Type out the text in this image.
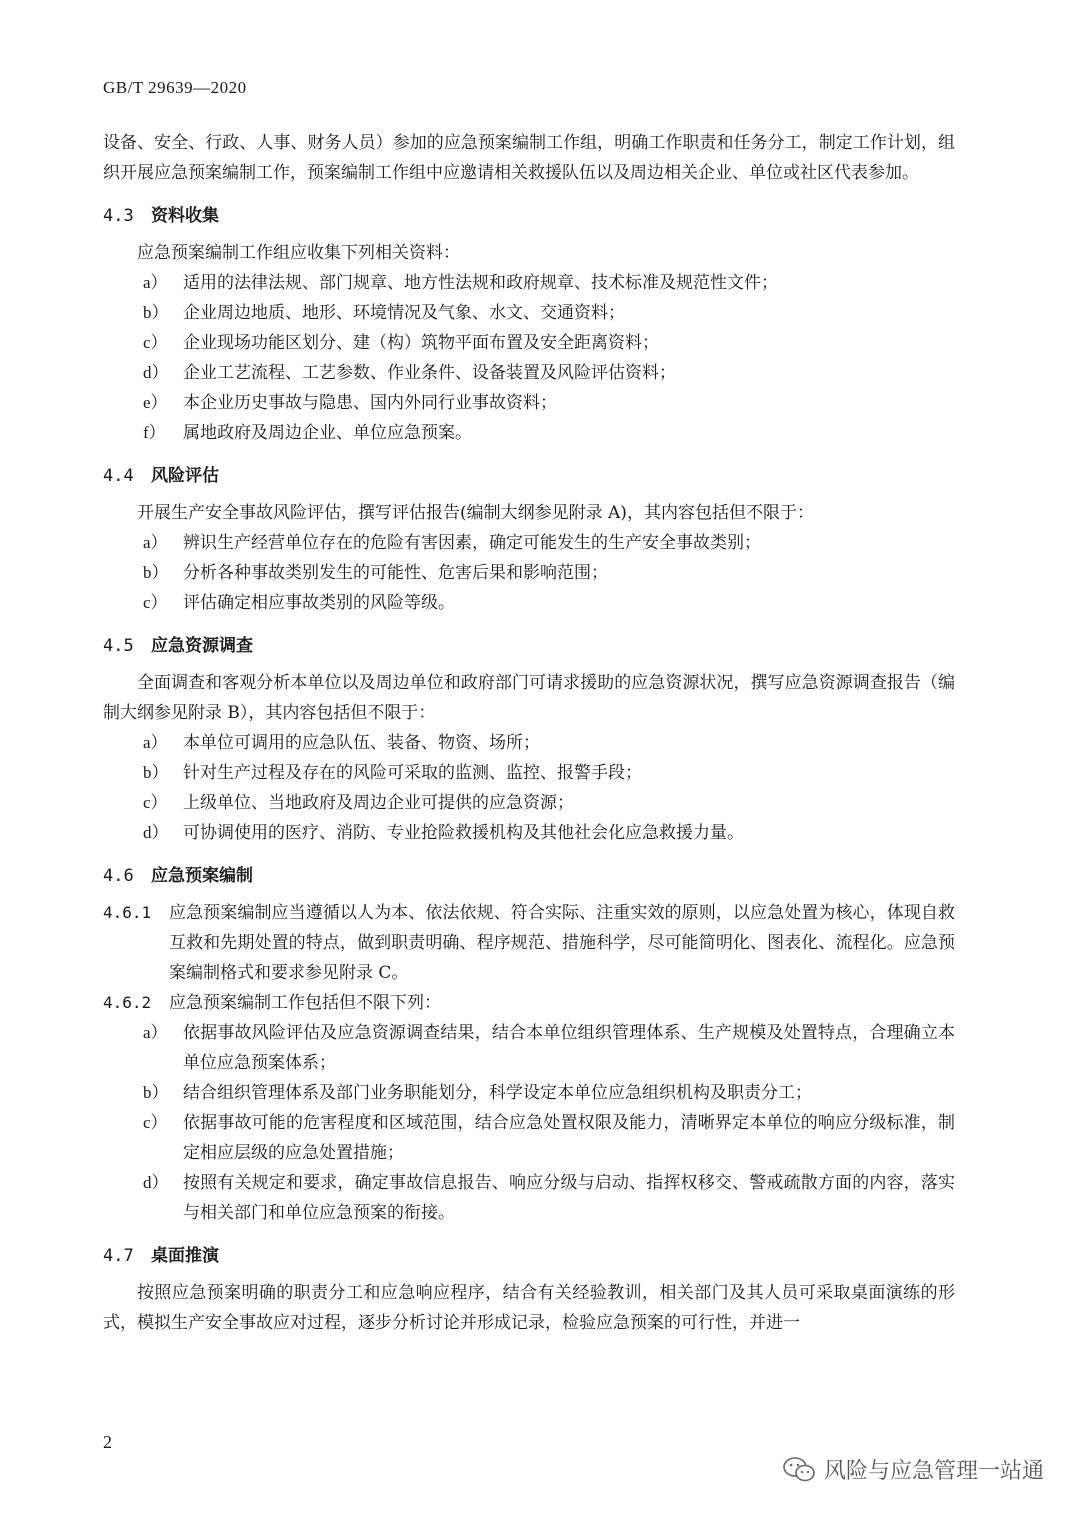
GB/T 29639—2020
设备、安全、行政、人事、财务人员）参加的应急预案编制工作组，明确工作职责和任务分工，制定工作计划，组织开展应急预案编制工作，预案编制工作组中应邀请相关救援队伍以及周边相关企业、单位或社区代表参加。
4.3 资料收集
应急预案编制工作组应收集下列相关资料：
a） 适用的法律法规、部门规章、地方性法规和政府规章、技术标准及规范性文件；
b） 企业周边地质、地形、环境情况及气象、水文、交通资料；
c） 企业现场功能区划分、建（构）筑物平面布置及安全距离资料；
d） 企业工艺流程、工艺参数、作业条件、设备装置及风险评估资料；
e） 本企业历史事故与隐患、国内外同行业事故资料；
f）	属地政府及周边企业、单位应急预案。
4.4 风险评估
开展生产安全事故风险评估，撰写评估报告(编制大纲参见附录 A)，其内容包括但不限于：
a） 辨识生产经营单位存在的危险有害因素，确定可能发生的生产安全事故类别；
b） 分析各种事故类别发生的可能性、危害后果和影响范围；
c） 评估确定相应事故类别的风险等级。
4.5 应急资源调查
全面调查和客观分析本单位以及周边单位和政府部门可请求援助的应急资源状况，撰写应急资源调查报告（编制大纲参见附录 B），其内容包括但不限于：
a） 本单位可调用的应急队伍、装备、物资、场所；
b） 针对生产过程及存在的风险可采取的监测、监控、报警手段；
c） 上级单位、当地政府及周边企业可提供的应急资源；
d） 可协调使用的医疗、消防、专业抢险救援机构及其他社会化应急救援力量。
4.6 应急预案编制
4.6.1	应急预案编制应当遵循以人为本、依法依规、符合实际、注重实效的原则，以应急处置为核心，体现自救互救和先期处置的特点，做到职责明确、程序规范、措施科学，尽可能简明化、图表化、流程化。应急预案编制格式和要求参见附录 C。
4.6.2	应急预案编制工作包括但不限下列：
a） 依据事故风险评估及应急资源调查结果，结合本单位组织管理体系、生产规模及处置特点，合理确立本单位应急预案体系；
b） 结合组织管理体系及部门业务职能划分，科学设定本单位应急组织机构及职责分工；
c） 依据事故可能的危害程度和区域范围，结合应急处置权限及能力，清晰界定本单位的响应分级标准，制定相应层级的应急处置措施；
d） 按照有关规定和要求，确定事故信息报告、响应分级与启动、指挥权移交、警戒疏散方面的内容，落实与相关部门和单位应急预案的衔接。
4.7 桌面推演
按照应急预案明确的职责分工和应急响应程序，结合有关经验教训，相关部门及其人员可采取桌面演练的形式，模拟生产安全事故应对过程，逐步分析讨论并形成记录，检验应急预案的可行性，并进一
2
风险与应急管理一站通
